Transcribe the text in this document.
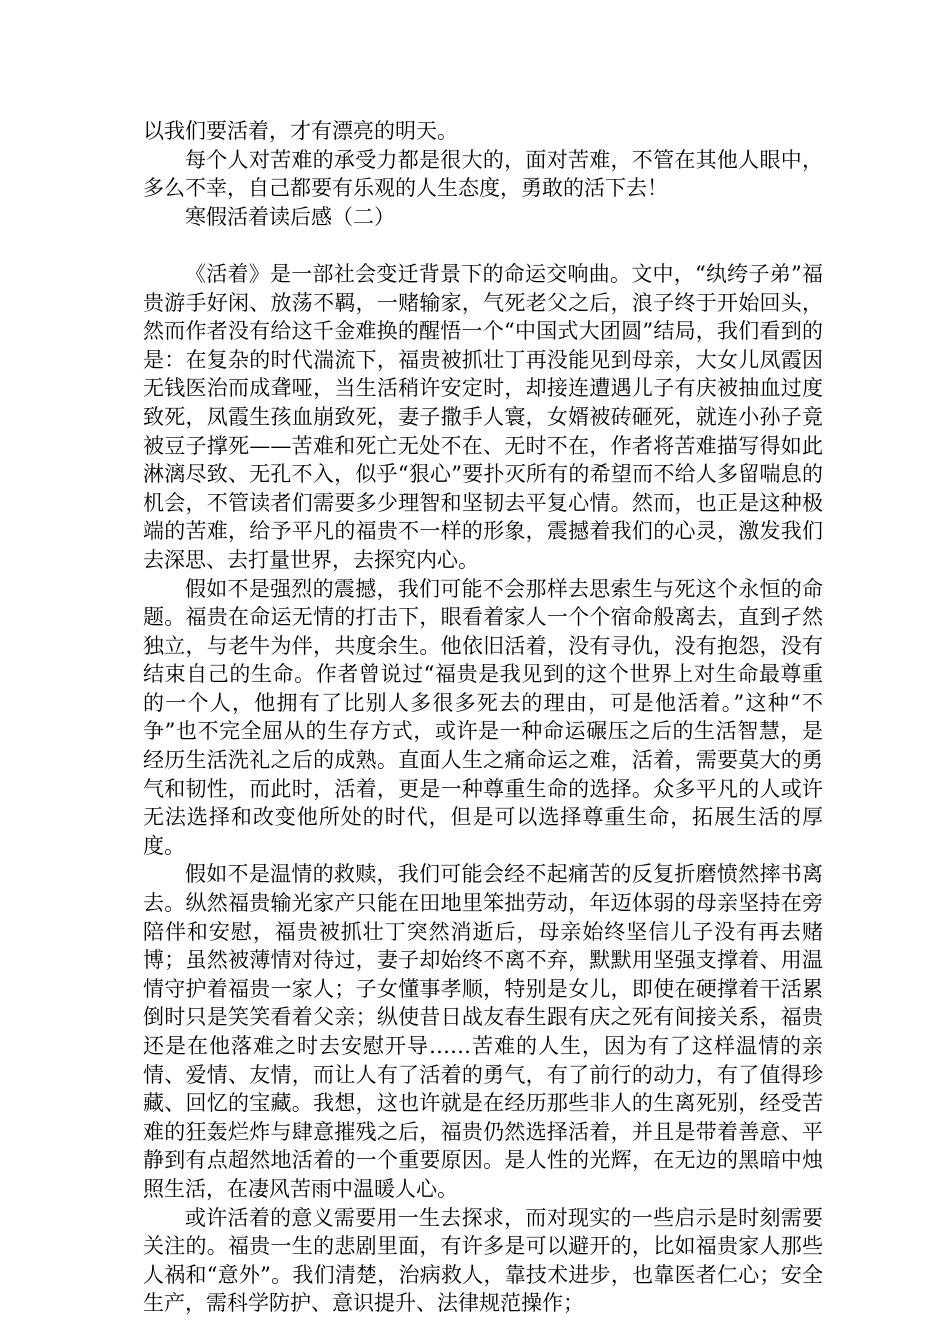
以我们要活着，才有漂亮的明天。

每个人对苦难的承受力都是很大的，面对苦难，不管在其他人眼中，多么不幸，自己都要有乐观的人生态度，勇敢的活下去！

寒假活着读后感（二）

《活着》是一部社会变迁背景下的命运交响曲。文中，“纨绔子弟”福贵游手好闲、放荡不羁，一赌输家，气死老父之后，浪子终于开始回头，然而作者没有给这千金难换的醒悟一个“中国式大团圆”结局，我们看到的是：在复杂的时代湍流下，福贵被抓壮丁再没能见到母亲，大女儿凤霞因无钱医治而成聋哑，当生活稍许安定时，却接连遭遇儿子有庆被抽血过度致死，凤霞生孩血崩致死，妻子撒手人寰，女婿被砖砸死，就连小孙子竟被豆子撑死——苦难和死亡无处不在、无时不在，作者将苦难描写得如此淋漓尽致、无孔不入，似乎“狠心”要扑灭所有的希望而不给人多留喘息的机会，不管读者们需要多少理智和坚韧去平复心情。然而，也正是这种极端的苦难，给予平凡的福贵不一样的形象，震撼着我们的心灵，激发我们去深思、去打量世界，去探究内心。

假如不是强烈的震撼，我们可能不会那样去思索生与死这个永恒的命题。福贵在命运无情的打击下，眼看着家人一个个宿命般离去，直到孑然独立，与老牛为伴，共度余生。他依旧活着，没有寻仇，没有抱怨，没有结束自己的生命。作者曾说过“福贵是我见到的这个世界上对生命最尊重的一个人，他拥有了比别人多很多死去的理由，可是他活着。”这种“不争”也不完全屈从的生存方式，或许是一种命运碾压之后的生活智慧，是经历生活洗礼之后的成熟。直面人生之痛命运之难，活着，需要莫大的勇气和韧性，而此时，活着，更是一种尊重生命的选择。众多平凡的人或许无法选择和改变他所处的时代，但是可以选择尊重生命，拓展生活的厚度。

假如不是温情的救赎，我们可能会经不起痛苦的反复折磨愤然摔书离去。纵然福贵输光家产只能在田地里笨拙劳动，年迈体弱的母亲坚持在旁陪伴和安慰，福贵被抓壮丁突然消逝后，母亲始终坚信儿子没有再去赌博；虽然被薄情对待过，妻子却始终不离不弃，默默用坚强支撑着、用温情守护着福贵一家人；子女懂事孝顺，特别是女儿，即使在硬撑着干活累倒时只是笑笑看着父亲；纵使昔日战友春生跟有庆之死有间接关系，福贵还是在他落难之时去安慰开导……苦难的人生，因为有了这样温情的亲情、爱情、友情，而让人有了活着的勇气，有了前行的动力，有了值得珍藏、回忆的宝藏。我想，这也许就是在经历那些非人的生离死别，经受苦难的狂轰烂炸与肆意摧残之后，福贵仍然选择活着，并且是带着善意、平静到有点超然地活着的一个重要原因。是人性的光辉，在无边的黑暗中烛照生活，在凄风苦雨中温暖人心。

或许活着的意义需要用一生去探求，而对现实的一些启示是时刻需要关注的。福贵一生的悲剧里面，有许多是可以避开的，比如福贵家人那些人祸和“意外”。我们清楚，治病救人，靠技术进步，也靠医者仁心；安全生产，需科学防护、意识提升、法律规范操作；
